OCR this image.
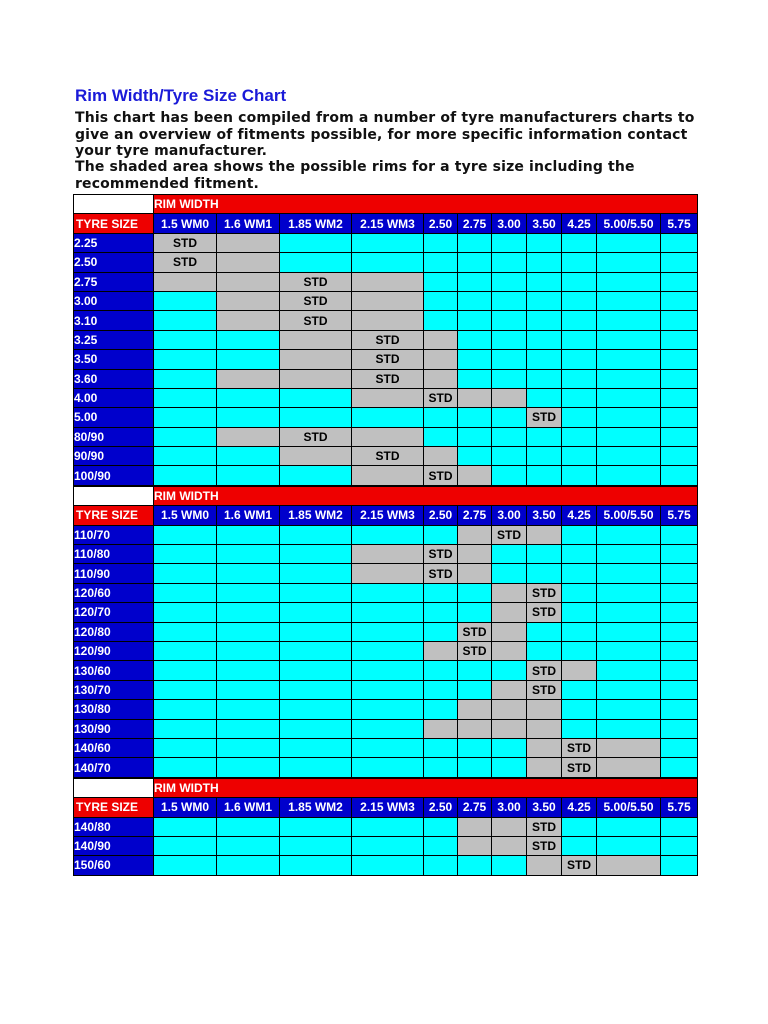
Rim Width/Tyre Size Chart
This chart has been compiled from a number of tyre manufacturers charts to give an overview of fitments possible, for more specific information contact your tyre manufacturer.
The shaded area shows the possible rims for a tyre size including the recommended fitment.
	RIM WIDTH										
TYRE SIZE	1.5 WM0	1.6 WM1	1.85 WM2	2.15 WM3	2.50	2.75	3.00	3.50	4.25	5.00/5.50	5.75
2.25	STD										
2.50	STD										
2.75			STD								
3.00			STD								
3.10			STD								
3.25				STD							
3.50				STD							
3.60				STD							
4.00					STD						
5.00								STD			
80/90			STD								
90/90				STD							
100/90					STD						
	RIM WIDTH										
TYRE SIZE	1.5 WM0	1.6 WM1	1.85 WM2	2.15 WM3	2.50	2.75	3.00	3.50	4.25	5.00/5.50	5.75
110/70							STD				
110/80					STD						
110/90					STD						
120/60								STD			
120/70								STD			
120/80						STD					
120/90						STD					
130/60								STD			
130/70								STD			
130/80											
130/90											
140/60									STD		
140/70									STD		
	RIM WIDTH										
TYRE SIZE	1.5 WM0	1.6 WM1	1.85 WM2	2.15 WM3	2.50	2.75	3.00	3.50	4.25	5.00/5.50	5.75
140/80								STD			
140/90								STD			
150/60									STD		
